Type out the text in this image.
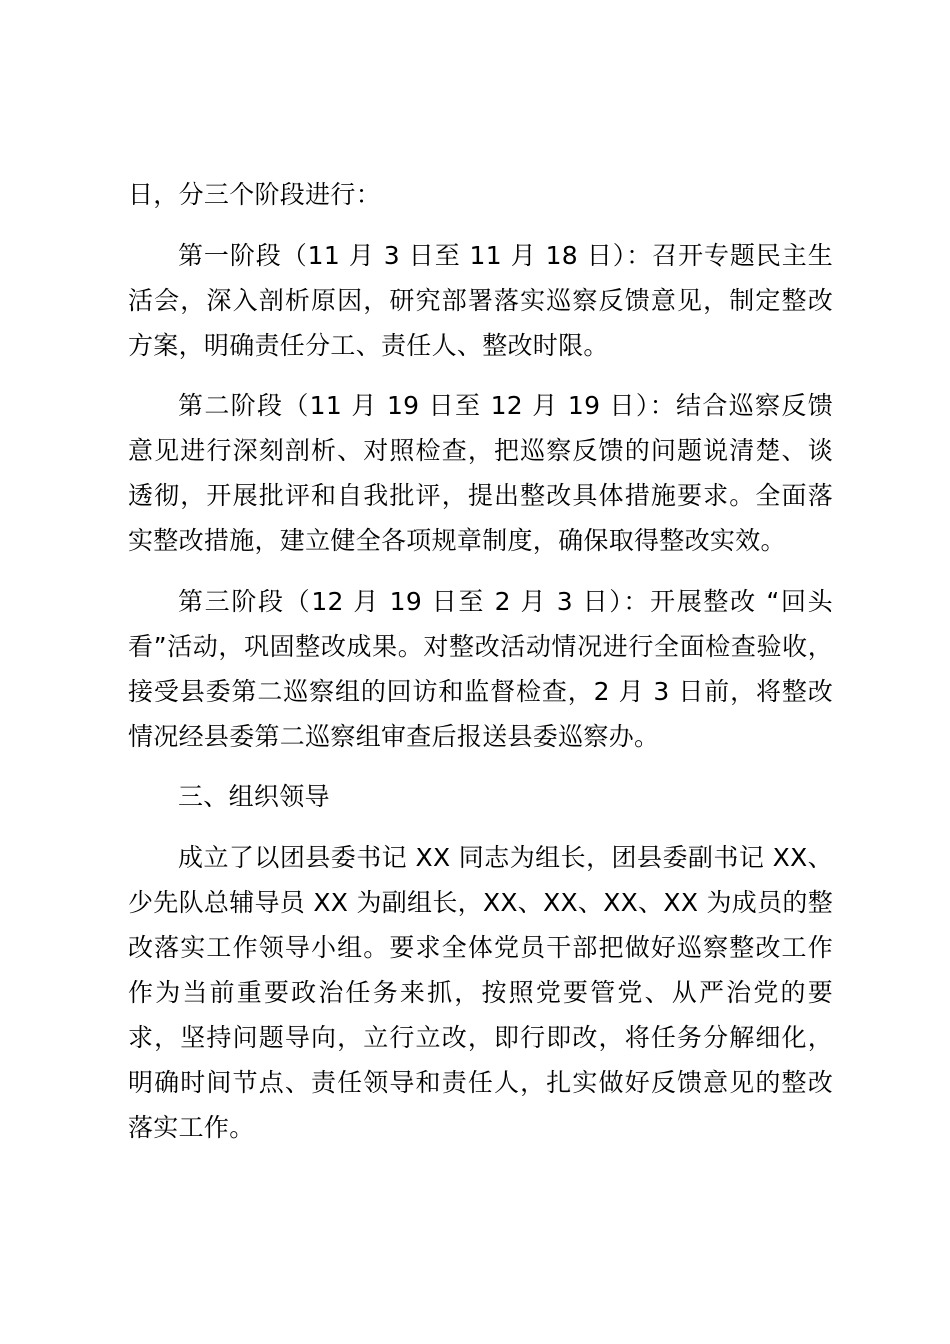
日，分三个阶段进行：

第一阶段（11 月 3 日至 11 月 18 日）：召开专题民主生活会，深入剖析原因，研究部署落实巡察反馈意见，制定整改方案，明确责任分工、责任人、整改时限。

第二阶段（11 月 19 日至 12 月 19 日）：结合巡察反馈意见进行深刻剖析、对照检查，把巡察反馈的问题说清楚、谈透彻，开展批评和自我批评，提出整改具体措施要求。全面落实整改措施，建立健全各项规章制度，确保取得整改实效。

第三阶段（12 月 19 日至 2 月 3 日）：开展整改 “回头看”活动，巩固整改成果。对整改活动情况进行全面检查验收，接受县委第二巡察组的回访和监督检查，2 月 3 日前，将整改情况经县委第二巡察组审查后报送县委巡察办。

三、组织领导

成立了以团县委书记 XX 同志为组长，团县委副书记 XX、少先队总辅导员 XX 为副组长，XX、XX、XX、XX 为成员的整改落实工作领导小组。要求全体党员干部把做好巡察整改工作作为当前重要政治任务来抓，按照党要管党、从严治党的要求，坚持问题导向，立行立改，即行即改，将任务分解细化，明确时间节点、责任领导和责任人，扎实做好反馈意见的整改落实工作。
